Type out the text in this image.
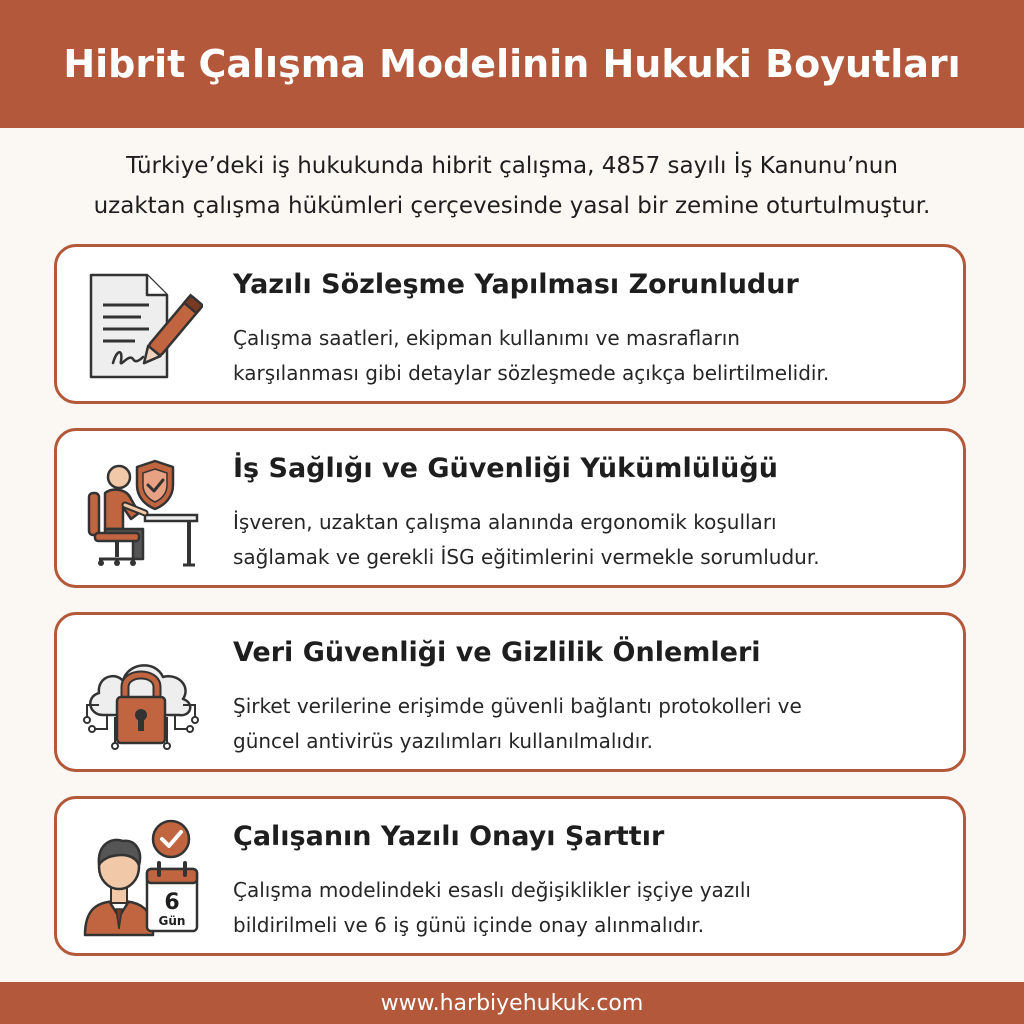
Hibrit Çalışma Modelinin Hukuki Boyutları
Türkiye’deki iş hukukunda hibrit çalışma, 4857 sayılı İş Kanunu’nun
uzaktan çalışma hükümleri çerçevesinde yasal bir zemine oturtulmuştur.
Yazılı Sözleşme Yapılması Zorunludur
Çalışma saatleri, ekipman kullanımı ve masrafların
karşılanması gibi detaylar sözleşmede açıkça belirtilmelidir.
İş Sağlığı ve Güvenliği Yükümlülüğü
İşveren, uzaktan çalışma alanında ergonomik koşulları
sağlamak ve gerekli İSG eğitimlerini vermekle sorumludur.
Veri Güvenliği ve Gizlilik Önlemleri
Şirket verilerine erişimde güvenli bağlantı protokolleri ve
güncel antivirüs yazılımları kullanılmalıdır.
6
Gün
Çalışanın Yazılı Onayı Şarttır
Çalışma modelindeki esaslı değişiklikler işçiye yazılı
bildirilmeli ve 6 iş günü içinde onay alınmalıdır.
www.harbiyehukuk.com
